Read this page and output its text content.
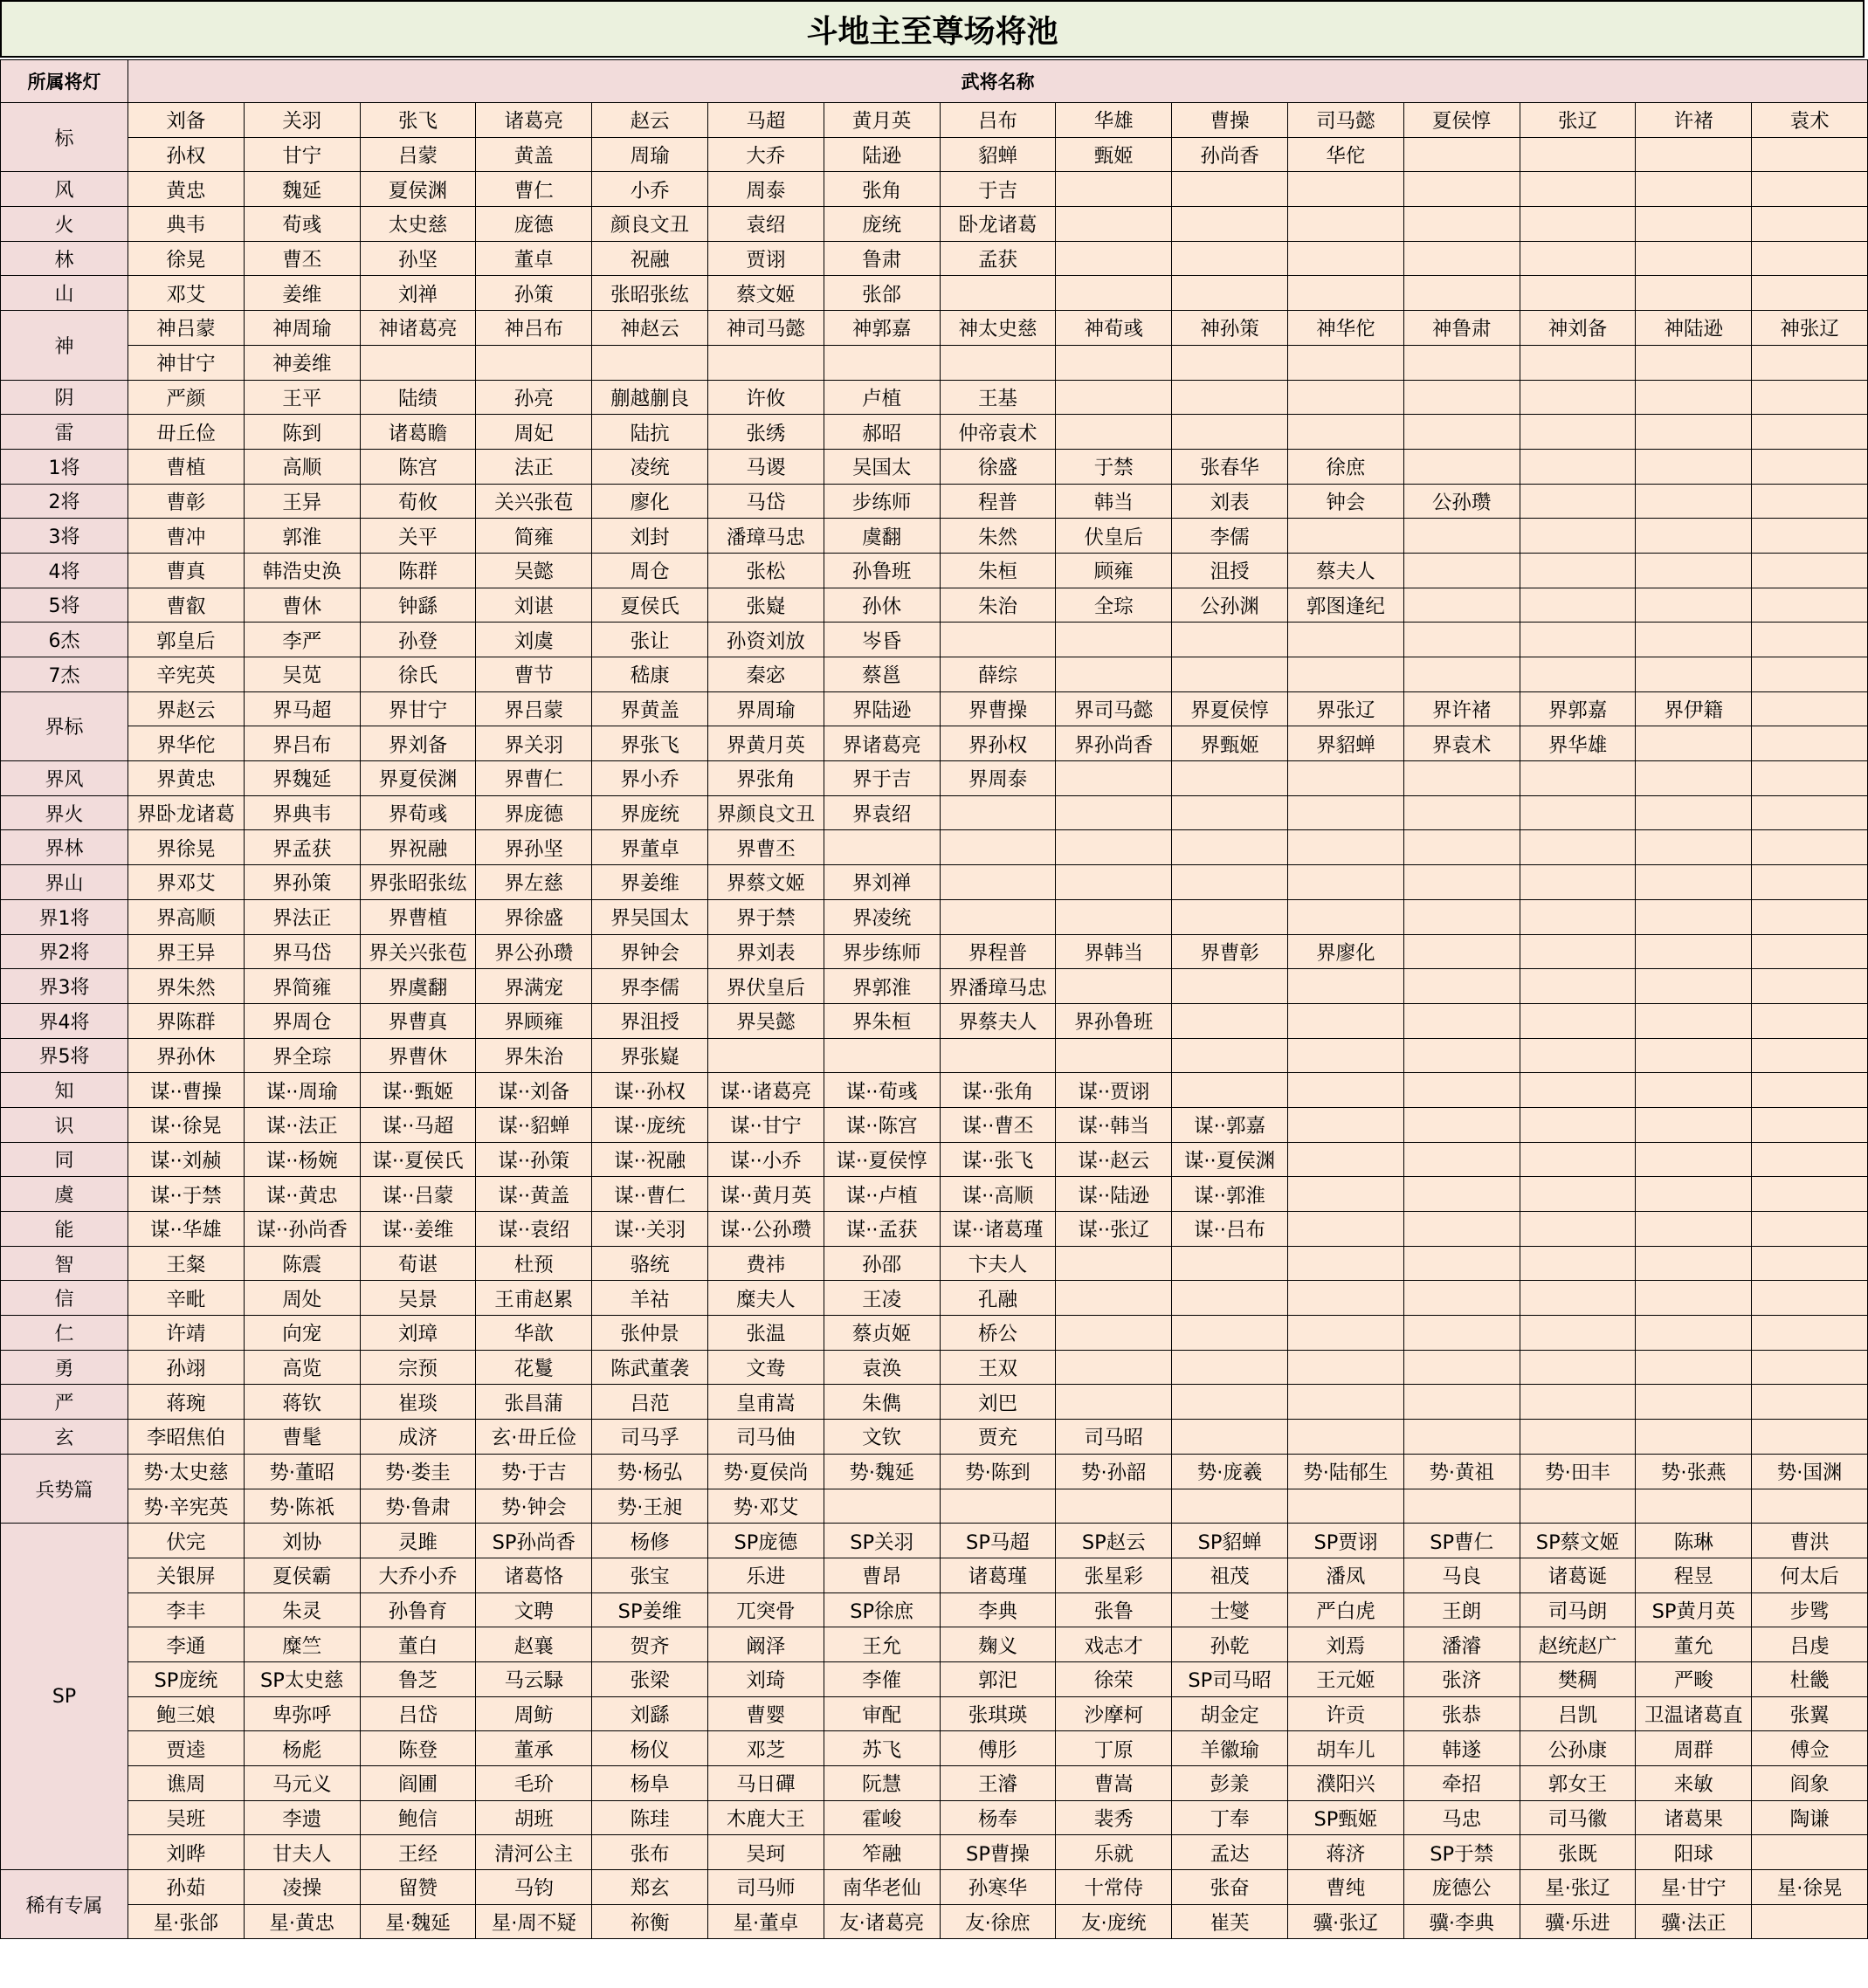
斗地主至尊场将池
所属将灯	武将名称														
标	刘备	关羽	张飞	诸葛亮	赵云	马超	黄月英	吕布	华雄	曹操	司马懿	夏侯惇	张辽	许褚	袁术
	孙权	甘宁	吕蒙	黄盖	周瑜	大乔	陆逊	貂蝉	甄姬	孙尚香	华佗				
风	黄忠	魏延	夏侯渊	曹仁	小乔	周泰	张角	于吉							
火	典韦	荀彧	太史慈	庞德	颜良文丑	袁绍	庞统	卧龙诸葛							
林	徐晃	曹丕	孙坚	董卓	祝融	贾诩	鲁肃	孟获							
山	邓艾	姜维	刘禅	孙策	张昭张纮	蔡文姬	张郃								
神	神吕蒙	神周瑜	神诸葛亮	神吕布	神赵云	神司马懿	神郭嘉	神太史慈	神荀彧	神孙策	神华佗	神鲁肃	神刘备	神陆逊	神张辽
	神甘宁	神姜维													
阴	严颜	王平	陆绩	孙亮	蒯越蒯良	许攸	卢植	王基							
雷	毌丘俭	陈到	诸葛瞻	周妃	陆抗	张绣	郝昭	仲帝袁术							
1将	曹植	高顺	陈宫	法正	凌统	马谡	吴国太	徐盛	于禁	张春华	徐庶				
2将	曹彰	王异	荀攸	关兴张苞	廖化	马岱	步练师	程普	韩当	刘表	钟会	公孙瓒			
3将	曹冲	郭淮	关平	简雍	刘封	潘璋马忠	虞翻	朱然	伏皇后	李儒					
4将	曹真	韩浩史涣	陈群	吴懿	周仓	张松	孙鲁班	朱桓	顾雍	沮授	蔡夫人				
5将	曹叡	曹休	钟繇	刘谌	夏侯氏	张嶷	孙休	朱治	全琮	公孙渊	郭图逢纪				
6杰	郭皇后	李严	孙登	刘虞	张让	孙资刘放	岑昏								
7杰	辛宪英	吴苋	徐氏	曹节	嵇康	秦宓	蔡邕	薛综							
界标	界赵云	界马超	界甘宁	界吕蒙	界黄盖	界周瑜	界陆逊	界曹操	界司马懿	界夏侯惇	界张辽	界许褚	界郭嘉	界伊籍	
	界华佗	界吕布	界刘备	界关羽	界张飞	界黄月英	界诸葛亮	界孙权	界孙尚香	界甄姬	界貂蝉	界袁术	界华雄		
界风	界黄忠	界魏延	界夏侯渊	界曹仁	界小乔	界张角	界于吉	界周泰							
界火	界卧龙诸葛	界典韦	界荀彧	界庞德	界庞统	界颜良文丑	界袁绍								
界林	界徐晃	界孟获	界祝融	界孙坚	界董卓	界曹丕									
界山	界邓艾	界孙策	界张昭张纮	界左慈	界姜维	界蔡文姬	界刘禅								
界1将	界高顺	界法正	界曹植	界徐盛	界吴国太	界于禁	界凌统								
界2将	界王异	界马岱	界关兴张苞	界公孙瓒	界钟会	界刘表	界步练师	界程普	界韩当	界曹彰	界廖化				
界3将	界朱然	界简雍	界虞翻	界满宠	界李儒	界伏皇后	界郭淮	界潘璋马忠							
界4将	界陈群	界周仓	界曹真	界顾雍	界沮授	界吴懿	界朱桓	界蔡夫人	界孙鲁班						
界5将	界孙休	界全琮	界曹休	界朱治	界张嶷										
知	谋··曹操	谋··周瑜	谋··甄姬	谋··刘备	谋··孙权	谋··诸葛亮	谋··荀彧	谋··张角	谋··贾诩						
识	谋··徐晃	谋··法正	谋··马超	谋··貂蝉	谋··庞统	谋··甘宁	谋··陈宫	谋··曹丕	谋··韩当	谋··郭嘉					
同	谋··刘赪	谋··杨婉	谋··夏侯氏	谋··孙策	谋··祝融	谋··小乔	谋··夏侯惇	谋··张飞	谋··赵云	谋··夏侯渊					
虞	谋··于禁	谋··黄忠	谋··吕蒙	谋··黄盖	谋··曹仁	谋··黄月英	谋··卢植	谋··高顺	谋··陆逊	谋··郭淮					
能	谋··华雄	谋··孙尚香	谋··姜维	谋··袁绍	谋··关羽	谋··公孙瓒	谋··孟获	谋··诸葛瑾	谋··张辽	谋··吕布					
智	王粲	陈震	荀谌	杜预	骆统	费祎	孙邵	卞夫人							
信	辛毗	周处	吴景	王甫赵累	羊祜	糜夫人	王凌	孔融							
仁	许靖	向宠	刘璋	华歆	张仲景	张温	蔡贞姬	桥公							
勇	孙翊	高览	宗预	花鬘	陈武董袭	文鸯	袁涣	王双							
严	蒋琬	蒋钦	崔琰	张昌蒲	吕范	皇甫嵩	朱儁	刘巴							
玄	李昭焦伯	曹髦	成济	玄·毌丘俭	司马孚	司马伷	文钦	贾充	司马昭						
兵势篇	势·太史慈	势·董昭	势·娄圭	势·于吉	势·杨弘	势·夏侯尚	势·魏延	势·陈到	势·孙韶	势·庞羲	势·陆郁生	势·黄祖	势·田丰	势·张燕	势·国渊
	势·辛宪英	势·陈祇	势·鲁肃	势·钟会	势·王昶	势·邓艾									
SP	伏完	刘协	灵雎	SP孙尚香	杨修	SP庞德	SP关羽	SP马超	SP赵云	SP貂蝉	SP贾诩	SP曹仁	SP蔡文姬	陈琳	曹洪
	关银屏	夏侯霸	大乔小乔	诸葛恪	张宝	乐进	曹昂	诸葛瑾	张星彩	祖茂	潘凤	马良	诸葛诞	程昱	何太后
	李丰	朱灵	孙鲁育	文聘	SP姜维	兀突骨	SP徐庶	李典	张鲁	士燮	严白虎	王朗	司马朗	SP黄月英	步骘
	李通	糜竺	董白	赵襄	贺齐	阚泽	王允	麹义	戏志才	孙乾	刘焉	潘濬	赵统赵广	董允	吕虔
	SP庞统	SP太史慈	鲁芝	马云騄	张梁	刘琦	李傕	郭汜	徐荣	SP司马昭	王元姬	张济	樊稠	严畯	杜畿
	鲍三娘	卑弥呼	吕岱	周鲂	刘繇	曹婴	审配	张琪瑛	沙摩柯	胡金定	许贡	张恭	吕凯	卫温诸葛直	张翼
	贾逵	杨彪	陈登	董承	杨仪	邓芝	苏飞	傅肜	丁原	羊徽瑜	胡车儿	韩遂	公孙康	周群	傅佥
	谯周	马元义	阎圃	毛玠	杨阜	马日磾	阮慧	王濬	曹嵩	彭羕	濮阳兴	牵招	郭女王	来敏	阎象
	吴班	李遗	鲍信	胡班	陈珪	木鹿大王	霍峻	杨奉	裴秀	丁奉	SP甄姬	马忠	司马徽	诸葛果	陶谦
	刘晔	甘夫人	王经	清河公主	张布	吴珂	笮融	SP曹操	乐就	孟达	蒋济	SP于禁	张既	阳球	
稀有专属	孙茹	凌操	留赞	马钧	郑玄	司马师	南华老仙	孙寒华	十常侍	张奋	曹纯	庞德公	星·张辽	星·甘宁	星·徐晃
	星·张郃	星·黄忠	星·魏延	星·周不疑	祢衡	星·董卓	友·诸葛亮	友·徐庶	友·庞统	崔芙	骥·张辽	骥·李典	骥·乐进	骥·法正	
